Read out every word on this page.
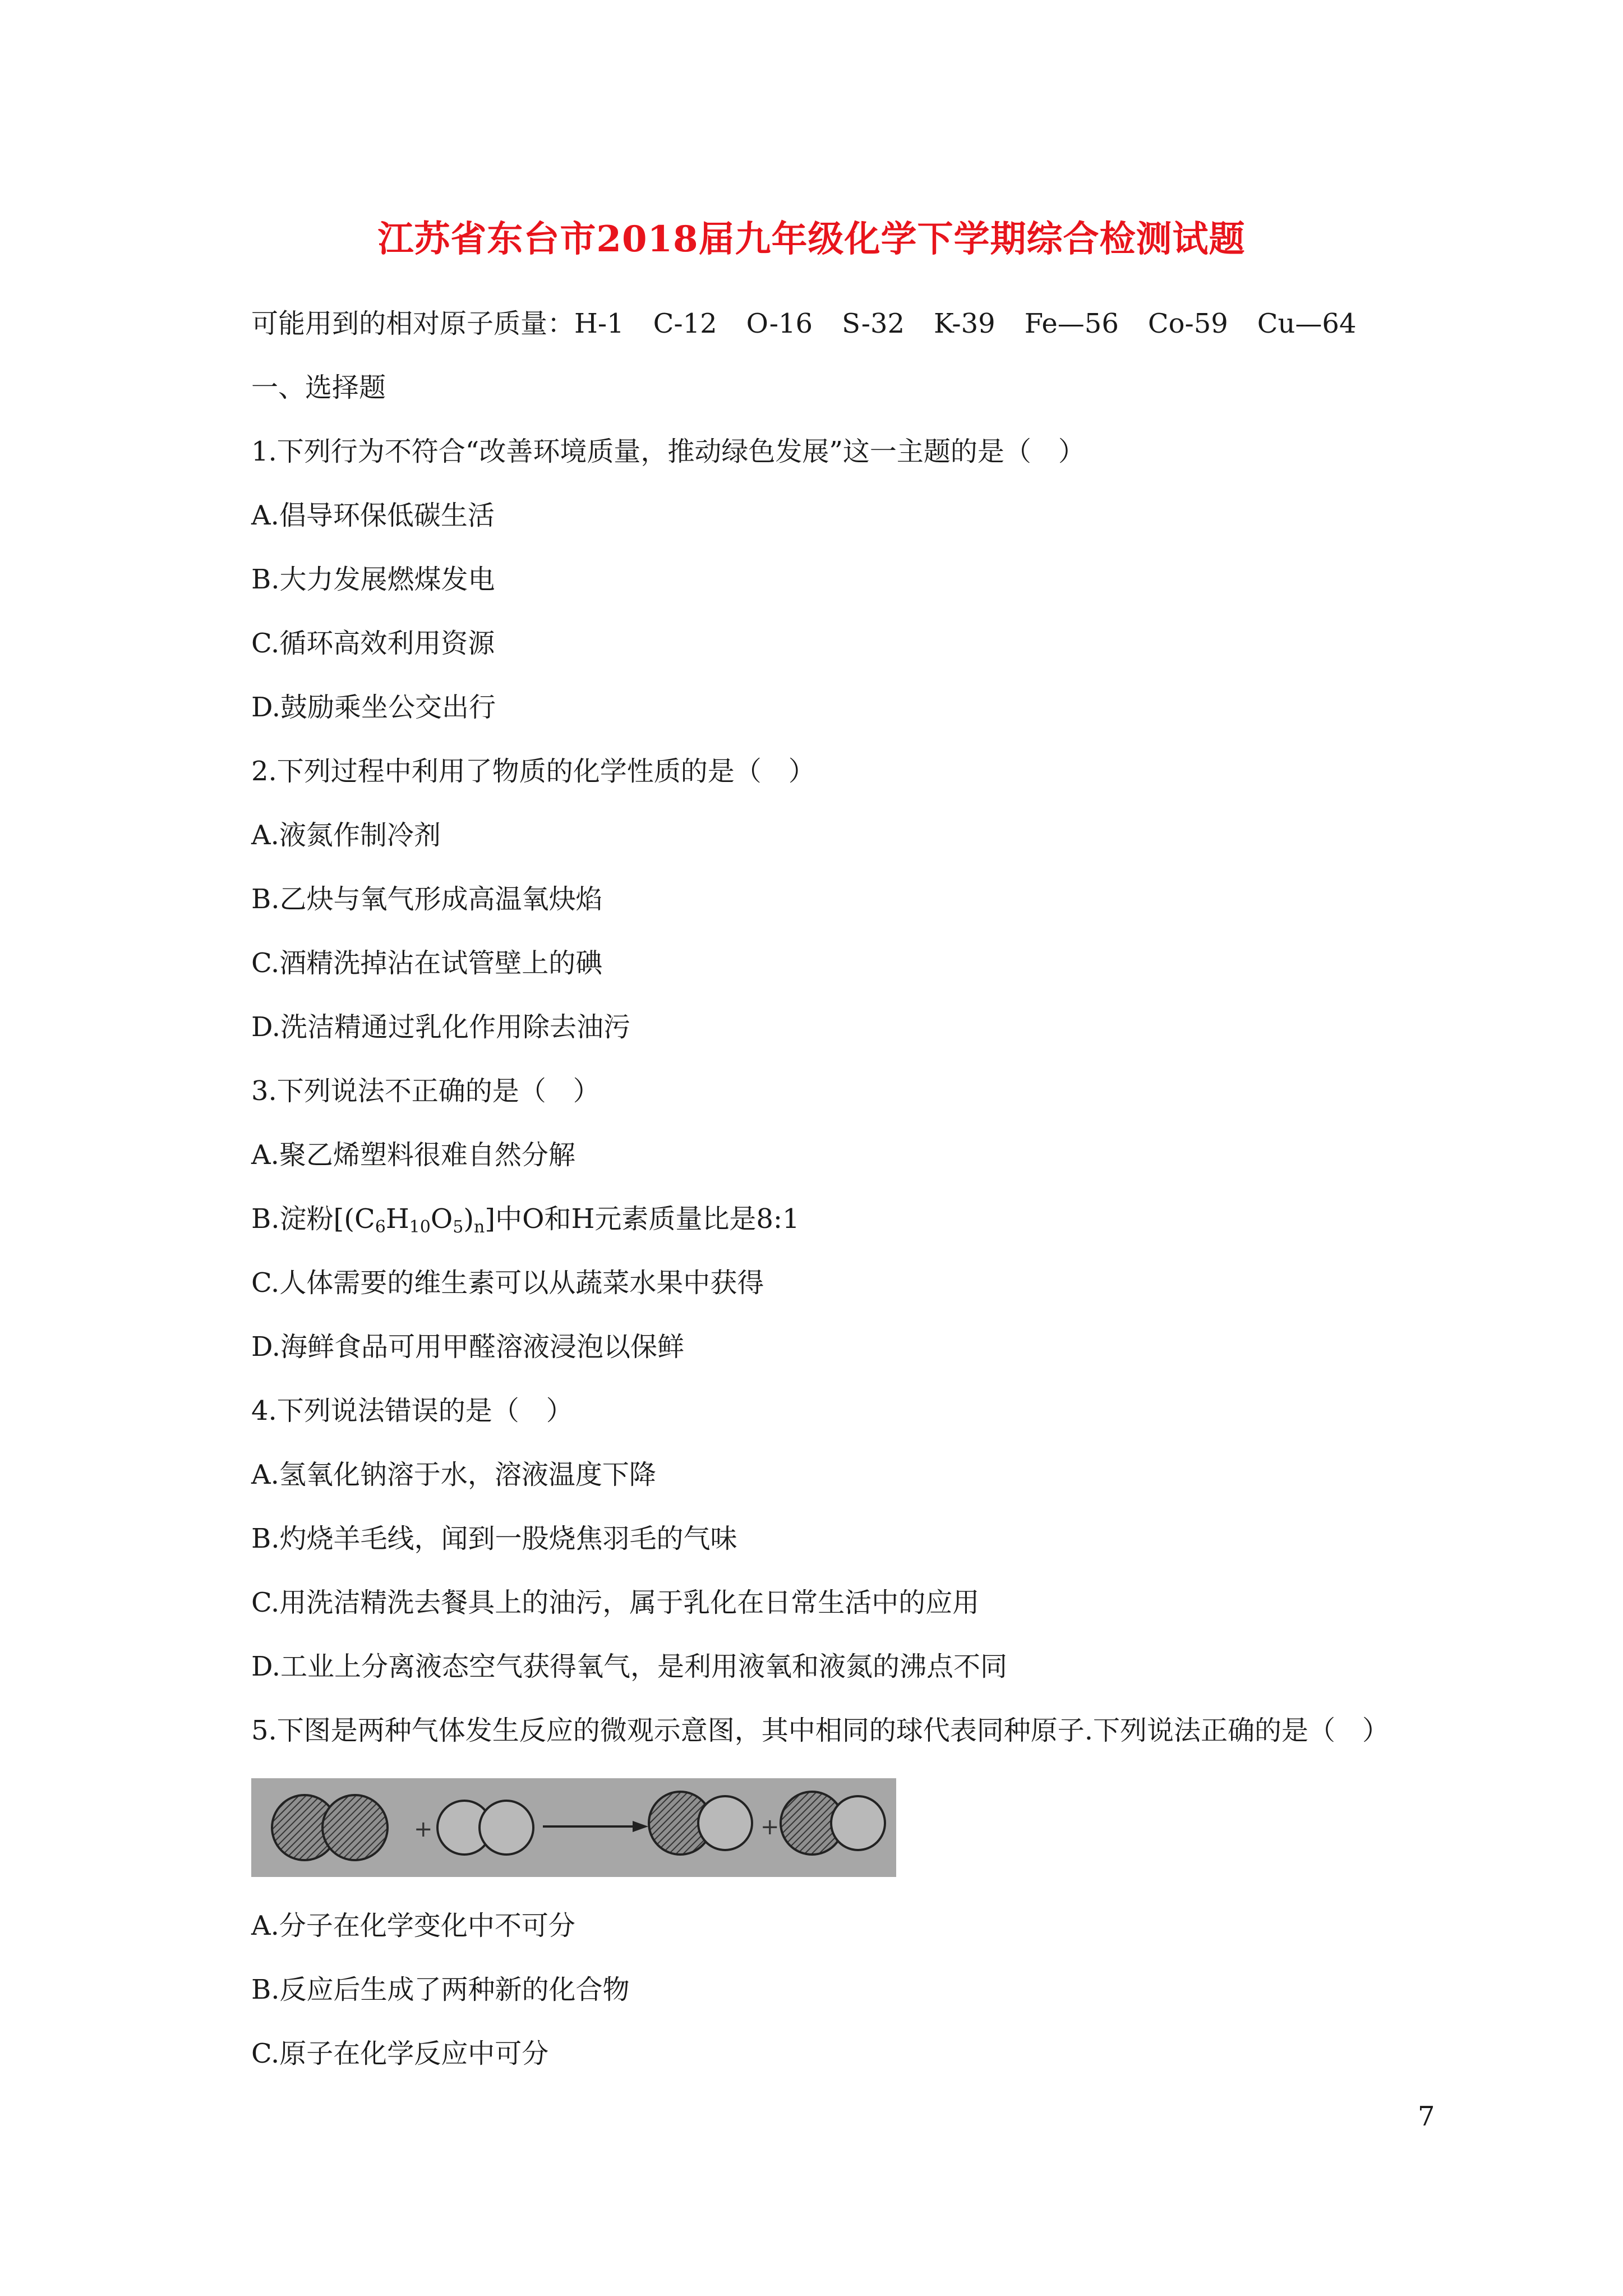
江苏省东台市2018届九年级化学下学期综合检测试题
可能用到的相对原子质量：H-1 C-12 O-16 S-32 K-39 Fe—56 Co-59 Cu—64
一、选择题
1.下列行为不符合“改善环境质量，推动绿色发展”这一主题的是（　）
A.倡导环保低碳生活
B.大力发展燃煤发电
C.循环高效利用资源
D.鼓励乘坐公交出行
2.下列过程中利用了物质的化学性质的是（　）
A.液氮作制冷剂
B.乙炔与氧气形成高温氧炔焰
C.酒精洗掉沾在试管壁上的碘
D.洗洁精通过乳化作用除去油污
3.下列说法不正确的是（　）
A.聚乙烯塑料很难自然分解
B.淀粉$[(C_6H_{10}O_5)_n]$中O和H元素质量比是8:1
C.人体需要的维生素可以从蔬菜水果中获得
D.海鲜食品可用甲醛溶液浸泡以保鲜
4.下列说法错误的是（　）
A.氢氧化钠溶于水，溶液温度下降
B.灼烧羊毛线，闻到一股烧焦羽毛的气味
C.用洗洁精洗去餐具上的油污，属于乳化在日常生活中的应用
D.工业上分离液态空气获得氧气，是利用液氧和液氮的沸点不同
5.下图是两种气体发生反应的微观示意图，其中相同的球代表同种原子.下列说法正确的是（　）
+	+
A.分子在化学变化中不可分
B.反应后生成了两种新的化合物
C.原子在化学反应中可分
7
